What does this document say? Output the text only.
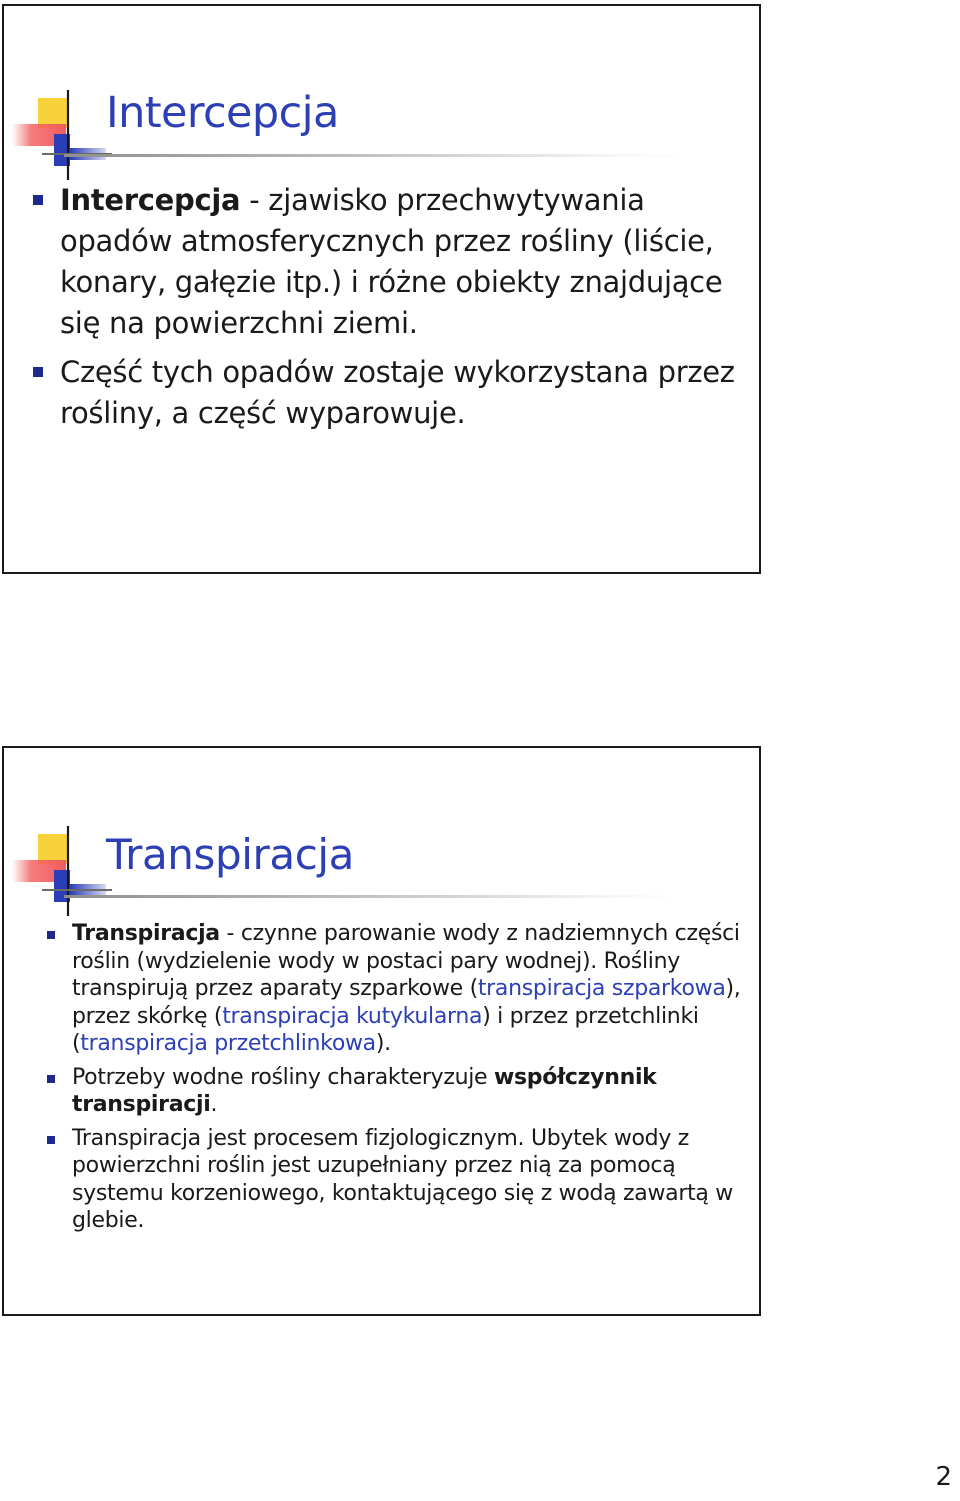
Intercepcja
Intercepcja - zjawisko przechwytywania opadów atmosferycznych przez rośliny (liście, konary, gałęzie itp.) i różne obiekty znajdujące się na powierzchni ziemi.
Część tych opadów zostaje wykorzystana przez rośliny, a część wyparowuje.
Transpiracja
Transpiracja - czynne parowanie wody z nadziemnych części roślin (wydzielenie wody w postaci pary wodnej). Rośliny transpirują przez aparaty szparkowe (transpiracja szparkowa), przez skórkę (transpiracja kutykularna) i przez przetchlinki (transpiracja przetchlinkowa).
Potrzeby wodne rośliny charakteryzuje współczynnik transpiracji.
Transpiracja jest procesem fizjologicznym. Ubytek wody z powierzchni roślin jest uzupełniany przez nią za pomocą systemu korzeniowego, kontaktującego się z wodą zawartą w glebie.
2
